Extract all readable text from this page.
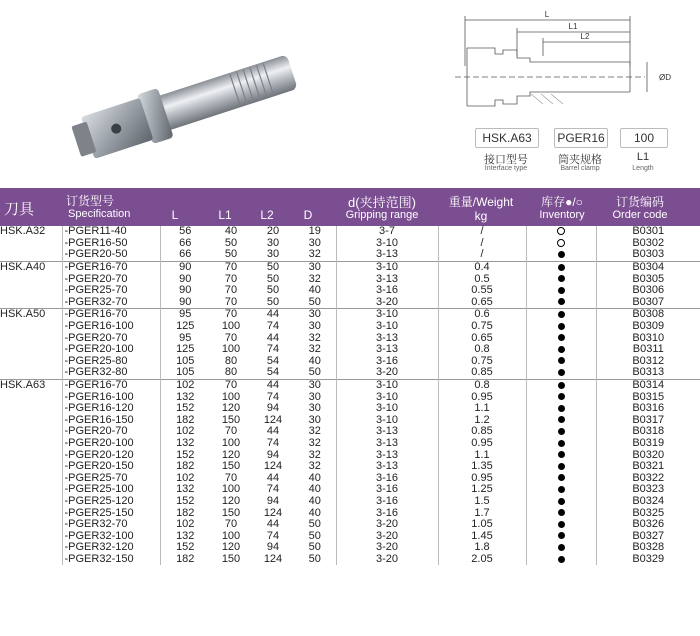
L
L1
L2
ØD
HSK.A63	PGER16	100
接口型号	筒夹规格	L1
Interface type	Barrel clamp	Length
刀具	订货型号
Specification	L	L1	L2	D
d(夹持范围)
Gripping range
重量/Weight
kg
库存●/○
Inventory
订货编码
Order code
HSK.A32	-PGER11-40	56	40	20	19	3-7	/		B0301
	-PGER16-50	66	50	30	30	3-10	/		B0302
	-PGER20-50	66	50	30	32	3-13	/		B0303
HSK.A40	-PGER16-70	90	70	50	30	3-10	0.4		B0304
	-PGER20-70	90	70	50	32	3-13	0.5		B0305
	-PGER25-70	90	70	50	40	3-16	0.55		B0306
	-PGER32-70	90	70	50	50	3-20	0.65		B0307
HSK.A50	-PGER16-70	95	70	44	30	3-10	0.6		B0308
	-PGER16-100	125	100	74	30	3-10	0.75		B0309
	-PGER20-70	95	70	44	32	3-13	0.65		B0310
	-PGER20-100	125	100	74	32	3-13	0.8		B0311
	-PGER25-80	105	80	54	40	3-16	0.75		B0312
	-PGER32-80	105	80	54	50	3-20	0.85		B0313
HSK.A63	-PGER16-70	102	70	44	30	3-10	0.8		B0314
	-PGER16-100	132	100	74	30	3-10	0.95		B0315
	-PGER16-120	152	120	94	30	3-10	1.1		B0316
	-PGER16-150	182	150	124	30	3-10	1.2		B0317
	-PGER20-70	102	70	44	32	3-13	0.85		B0318
	-PGER20-100	132	100	74	32	3-13	0.95		B0319
	-PGER20-120	152	120	94	32	3-13	1.1		B0320
	-PGER20-150	182	150	124	32	3-13	1.35		B0321
	-PGER25-70	102	70	44	40	3-16	0.95		B0322
	-PGER25-100	132	100	74	40	3-16	1.25		B0323
	-PGER25-120	152	120	94	40	3-16	1.5		B0324
	-PGER25-150	182	150	124	40	3-16	1.7		B0325
	-PGER32-70	102	70	44	50	3-20	1.05		B0326
	-PGER32-100	132	100	74	50	3-20	1.45		B0327
	-PGER32-120	152	120	94	50	3-20	1.8		B0328
	-PGER32-150	182	150	124	50	3-20	2.05		B0329
